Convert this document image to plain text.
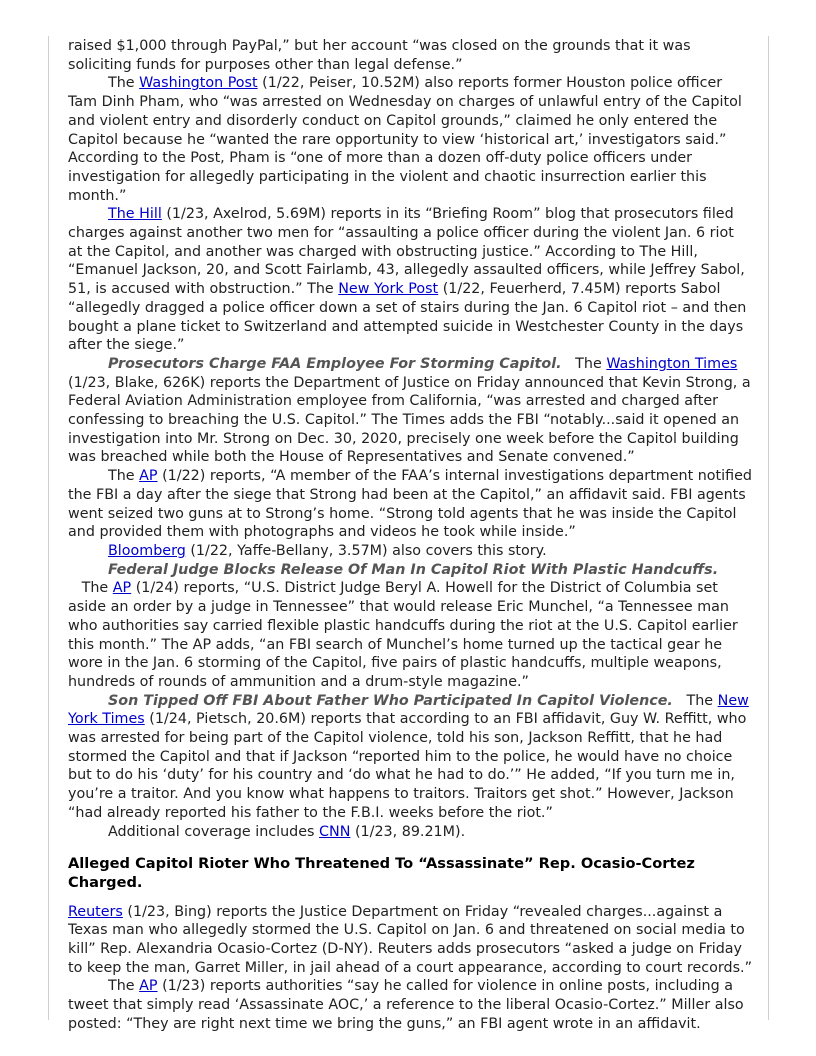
raised $1,000 through PayPal,” but her account “was closed on the grounds that it was soliciting funds for purposes other than legal defense.”

The Washington Post (1/22, Peiser, 10.52M) also reports former Houston police officer Tam Dinh Pham, who “was arrested on Wednesday on charges of unlawful entry of the Capitol and violent entry and disorderly conduct on Capitol grounds,” claimed he only entered the Capitol because he “wanted the rare opportunity to view ‘historical art,’ investigators said.” According to the Post, Pham is “one of more than a dozen off-duty police officers under investigation for allegedly participating in the violent and chaotic insurrection earlier this month.”

The Hill (1/23, Axelrod, 5.69M) reports in its “Briefing Room” blog that prosecutors filed charges against another two men for “assaulting a police officer during the violent Jan. 6 riot at the Capitol, and another was charged with obstructing justice.” According to The Hill, “Emanuel Jackson, 20, and Scott Fairlamb, 43, allegedly assaulted officers, while Jeffrey Sabol, 51, is accused with obstruction.” The New York Post (1/22, Feuerherd, 7.45M) reports Sabol “allegedly dragged a police officer down a set of stairs during the Jan. 6 Capitol riot – and then bought a plane ticket to Switzerland and attempted suicide in Westchester County in the days after the siege.”

Prosecutors Charge FAA Employee For Storming Capitol.   The Washington Times (1/23, Blake, 626K) reports the Department of Justice on Friday announced that Kevin Strong, a Federal Aviation Administration employee from California, “was arrested and charged after confessing to breaching the U.S. Capitol.” The Times adds the FBI “notably...said it opened an investigation into Mr. Strong on Dec. 30, 2020, precisely one week before the Capitol building was breached while both the House of Representatives and Senate convened.”

The AP (1/22) reports, “A member of the FAA’s internal investigations department notified the FBI a day after the siege that Strong had been at the Capitol,” an affidavit said. FBI agents went seized two guns at to Strong’s home. “Strong told agents that he was inside the Capitol and provided them with photographs and videos he took while inside.”

Bloomberg (1/22, Yaffe-Bellany, 3.57M) also covers this story.

Federal Judge Blocks Release Of Man In Capitol Riot With Plastic Handcuffs.   The AP (1/24) reports, “U.S. District Judge Beryl A. Howell for the District of Columbia set aside an order by a judge in Tennessee” that would release Eric Munchel, “a Tennessee man who authorities say carried flexible plastic handcuffs during the riot at the U.S. Capitol earlier this month.” The AP adds, “an FBI search of Munchel’s home turned up the tactical gear he wore in the Jan. 6 storming of the Capitol, five pairs of plastic handcuffs, multiple weapons, hundreds of rounds of ammunition and a drum-style magazine.”

Son Tipped Off FBI About Father Who Participated In Capitol Violence.   The New York Times (1/24, Pietsch, 20.6M) reports that according to an FBI affidavit, Guy W. Reffitt, who was arrested for being part of the Capitol violence, told his son, Jackson Reffitt, that he had stormed the Capitol and that if Jackson “reported him to the police, he would have no choice but to do his ‘duty’ for his country and ‘do what he had to do.’” He added, “If you turn me in, you’re a traitor. And you know what happens to traitors. Traitors get shot.” However, Jackson “had already reported his father to the F.B.I. weeks before the riot.”

Additional coverage includes CNN (1/23, 89.21M).

Alleged Capitol Rioter Who Threatened To “Assassinate” Rep. Ocasio-Cortez Charged.

Reuters (1/23, Bing) reports the Justice Department on Friday “revealed charges...against a Texas man who allegedly stormed the U.S. Capitol on Jan. 6 and threatened on social media to kill” Rep. Alexandria Ocasio-Cortez (D-NY). Reuters adds prosecutors “asked a judge on Friday to keep the man, Garret Miller, in jail ahead of a court appearance, according to court records.”

The AP (1/23) reports authorities “say he called for violence in online posts, including a tweet that simply read ‘Assassinate AOC,’ a reference to the liberal Ocasio-Cortez.” Miller also posted: “They are right next time we bring the guns,” an FBI agent wrote in an affidavit.
